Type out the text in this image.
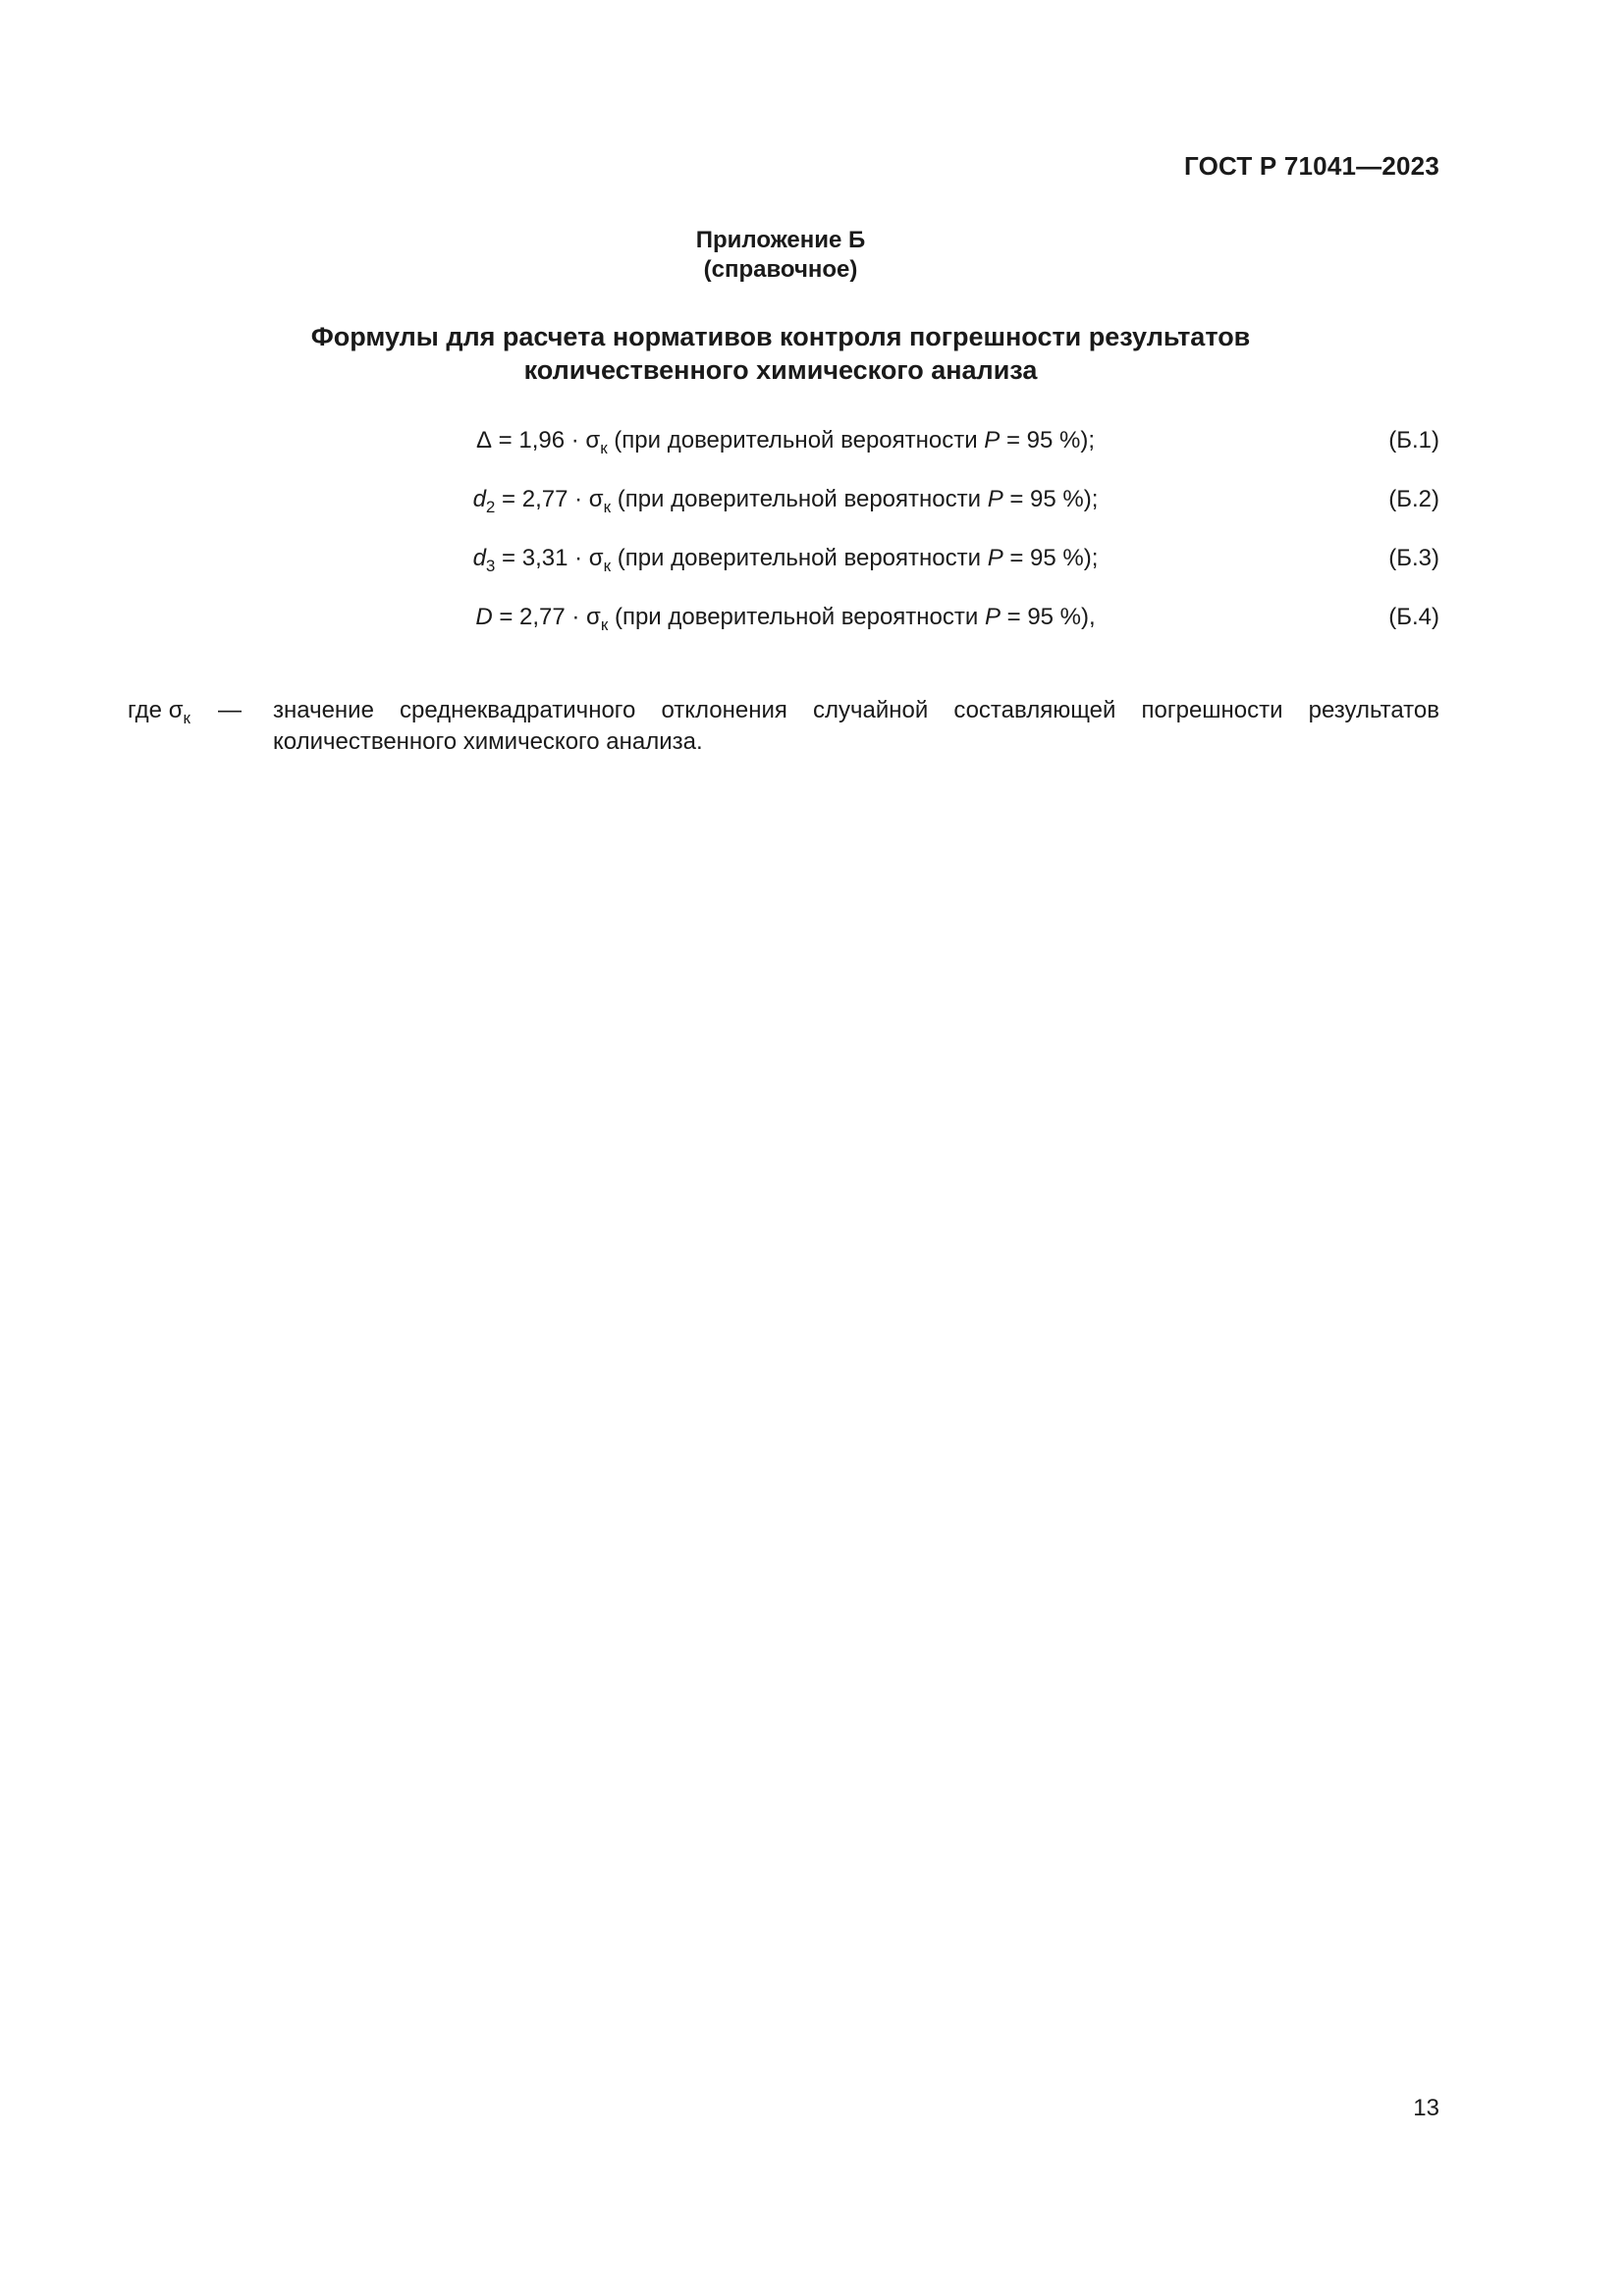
ГОСТ Р 71041—2023
Приложение Б
(справочное)
Формулы для расчета нормативов контроля погрешности результатов
количественного химического анализа
$\Delta = 1,96 \cdot \sigma_к$ (при доверительной вероятности P = 95 %);	(Б.1)
$d_2 = 2,77 \cdot \sigma_к$ (при доверительной вероятности P = 95 %);	(Б.2)
$d_3 = 3,31 \cdot \sigma_к$ (при доверительной вероятности P = 95 %);	(Б.3)
$D = 2,77 \cdot \sigma_к$ (при доверительной вероятности P = 95 %),	(Б.4)
где $\sigma_к$ — значение среднеквадратичного отклонения случайной составляющей погрешности результатов количественного химического анализа.
13
